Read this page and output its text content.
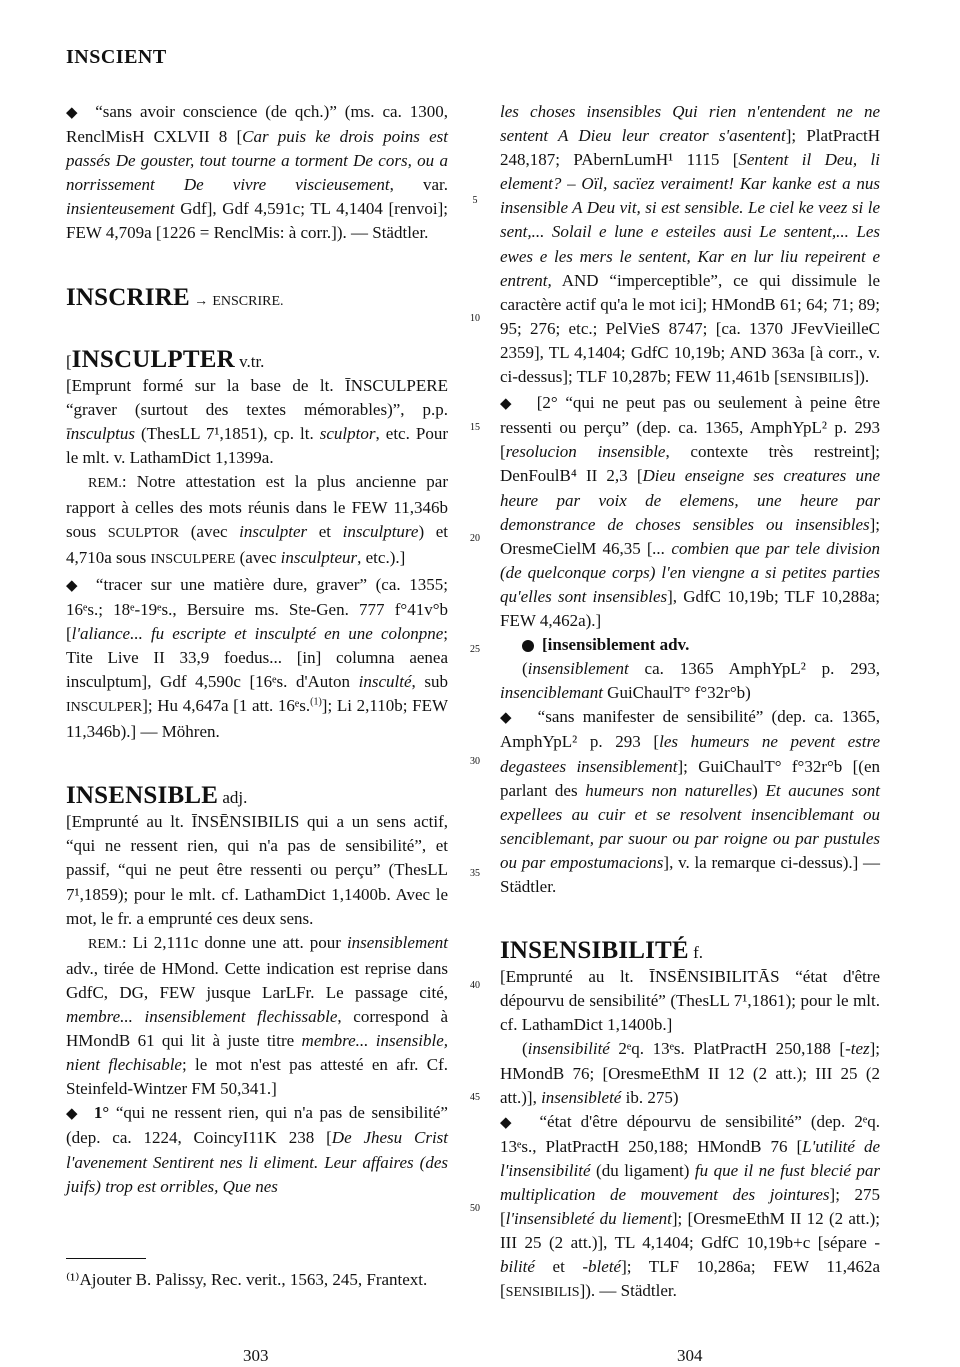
INSCIENT

◆ “sans avoir conscience (de qch.)” (ms. ca. 1300, RenclMisH CXLVII 8 [Car puis ke drois poins est passés De gouster, tout tourne a torment De cors, ou a norrissement De vivre viscieusement, var. insienteusement Gdf], Gdf 4,591c; TL 4,1404 [renvoi]; FEW 4,709a [1226 = RenclMis: à corr.]). — Städtler.

INSCRIRE → ENSCRIRE.

[INSCULPTER v.tr.

[Emprunt formé sur la base de lt. ĪNSCULPERE “graver (surtout des textes mémorables)”, p.p. īnsculptus (ThesLL 7¹,1851), cp. lt. sculptor, etc. Pour le mlt. v. LathamDict 1,1399a.

REM.: Notre attestation est la plus ancienne par rapport à celles des mots réunis dans le FEW 11,346b sous SCULPTOR (avec insculpter et insculpture) et 4,710a sous INSCULPERE (avec insculpteur, etc.).]

◆ “tracer sur une matière dure, graver” (ca. 1355; 16ᵉs.; 18ᵉ-19ᵉs., Bersuire ms. Ste-Gen. 777 f°41v°b [l'aliance... fu escripte et insculpté en une colonpne; Tite Live II 33,9 foedus... [in] columna aenea insculptum], Gdf 4,590c [16ᵉs. d'Auton insculté, sub INSCULPER]; Hu 4,647a [1 att. 16ᵉs.$^{(1)}$]; Li 2,110b; FEW 11,346b).] — Möhren.

INSENSIBLE adj.

[Emprunté au lt. ĪNSĒNSIBILIS qui a un sens actif, “qui ne ressent rien, qui n'a pas de sensibilité”, et passif, “qui ne peut être ressenti ou perçu” (ThesLL 7¹,1859); pour le mlt. cf. LathamDict 1,1400b. Avec le mot, le fr. a emprunté ces deux sens.

REM.: Li 2,111c donne une att. pour insensiblement adv., tirée de HMond. Cette indication est reprise dans GdfC, DG, FEW jusque LarLFr. Le passage cité, membre... insensiblement flechissable, correspond à HMondB 61 qui lit à juste titre membre... insensible, nient flechisable; le mot n'est pas attesté en afr. Cf. Steinfeld-Wintzer FM 50,341.]

◆ 1° “qui ne ressent rien, qui n'a pas de sensibilité” (dep. ca. 1224, CoincyI11K 238 [De Jhesu Crist l'avenement Sentirent nes li eliment. Leur affaires (des juifs) trop est orribles, Que nes

⁽¹⁾Ajouter B. Palissy, Rec. verit., 1563, 245, Frantext.
5
10
15
20
25
30
35
40
45
50

les choses insensibles Qui rien n'entendent ne ne sentent A Dieu leur creator s'asentent]; PlatPractH 248,187; PAbernLumH¹ 1115 [Sentent il Deu, li element? – Oïl, sacïez veraiment! Kar kanke est a nus insensible A Deu vit, si est sensible. Le ciel ke veez si le sent,... Solail e lune e esteiles ausi Le sentent,... Les ewes e les mers le sentent, Kar en lur liu repeirent e entrent, AND “imperceptible”, ce qui dissimule le caractère actif qu'a le mot ici]; HMondB 61; 64; 71; 89; 95; 276; etc.; PelVieS 8747; [ca. 1370 JFevVieilleC 2359], TL 4,1404; GdfC 10,19b; AND 363a [à corr., v. ci-dessus]; TLF 10,287b; FEW 11,461b [SENSIBILIS]).

◆ [2° “qui ne peut pas ou seulement à peine être ressenti ou perçu” (dep. ca. 1365, AmphYpL² p. 293 [resolucion insensible, contexte très restreint]; DenFoulB⁴ II 2,3 [Dieu enseigne ses creatures une heure par voix de elemens, une heure par demonstrance de choses sensibles ou insensibles]; OresmeCielM 46,35 [... combien que par tele division (de quelconque corps) l'en viengne a si petites parties qu'elles sont insensibles], GdfC 10,19b; TLF 10,288a; FEW 4,462a).]

[insensiblement adv.

(insensiblement ca. 1365 AmphYpL² p. 293, insenciblemant GuiChaulT° f°32r°b)

◆ “sans manifester de sensibilité” (dep. ca. 1365, AmphYpL² p. 293 [les humeurs ne pevent estre degastees insensiblement]; GuiChaulT° f°32r°b [(en parlant des humeurs non naturelles) Et aucunes sont expellees au cuir et se resolvent insenciblemant ou senciblemant, par suour ou par roigne ou par pustules ou par empostumacions], v. la remarque ci-dessus).] — Städtler.

INSENSIBILITÉ f.

[Emprunté au lt. ĪNSĒNSIBILITĀS “état d'être dépourvu de sensibilité” (ThesLL 7¹,1861); pour le mlt. cf. LathamDict 1,1400b.]

(insensibilité 2ᵉq. 13ᵉs. PlatPractH 250,188 [-tez]; HMondB 76; [OresmeEthM II 12 (2 att.); III 25 (2 att.)], insensibleté ib. 275)

◆ “état d'être dépourvu de sensibilité” (dep. 2ᵉq. 13ᵉs., PlatPractH 250,188; HMondB 76 [L'utilité de l'insensibilité (du ligament) fu que il ne fust blecié par multiplication de mouvement des jointures]; 275 [l'insensibleté du liement]; [OresmeEthM II 12 (2 att.); III 25 (2 att.)], TL 4,1404; GdfC 10,19b+c [sépare -bilité et -bleté]; TLF 10,286a; FEW 11,462a [SENSIBILIS]). — Städtler.

303	304
